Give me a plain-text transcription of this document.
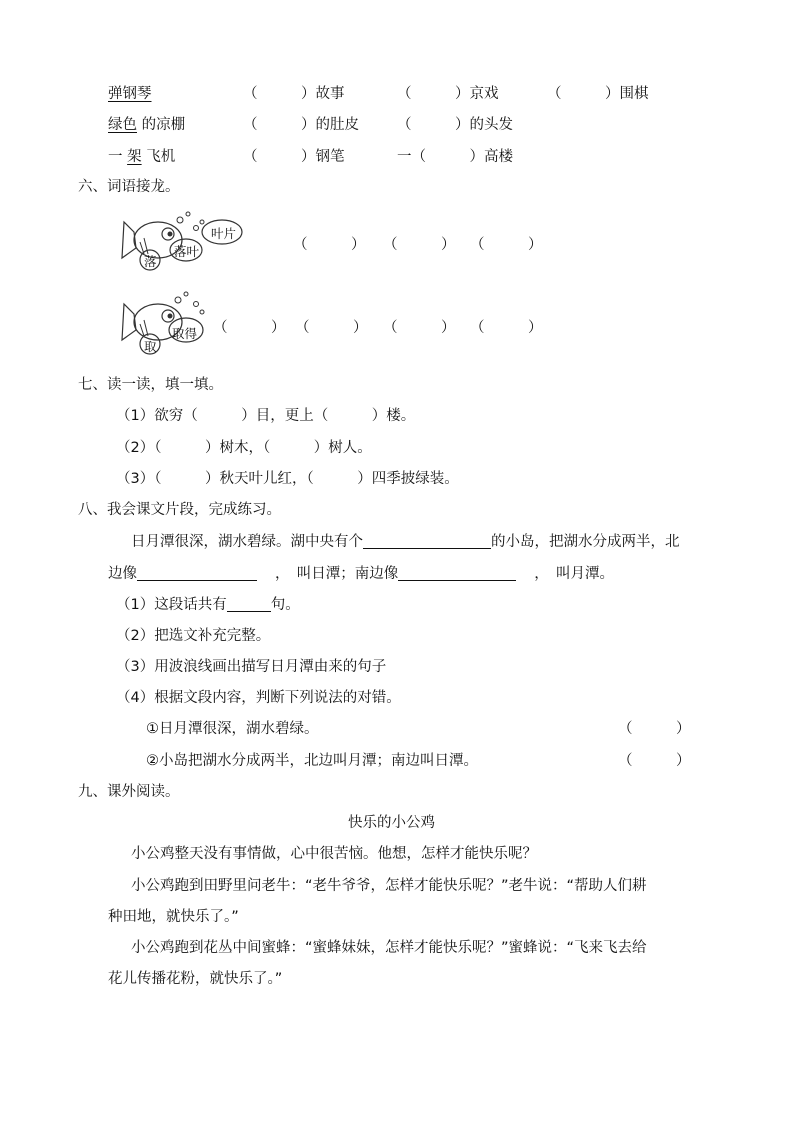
弹钢琴	（　　　）故事	（　　　）京戏	（　　　）围棋
绿色 的凉棚	（　　　）的肚皮	（　　　）的头发
一 架 飞机	（　　　）钢笔	一（　　　）高楼
六、词语接龙。
落
落叶
叶片
（　　　） （　　　） （　　　）
取
取得 （　　　） （　　　） （　　　） （　　　）
七、读一读，填一填。
（1）欲穷（　　　）目，更上（　　　）楼。
（2）（　　　）树木，（　　　）树人。
（3）（　　　）秋天叶儿红，（　　　）四季披绿装。
八、我会课文片段，完成练习。
日月潭很深，湖水碧绿。湖中央有个	的小岛，把湖水分成两半，北
边像	，　叫日潭；南边像	，　叫月潭。
（1）这段话共有	句。
（2）把选文补充完整。
（3）用波浪线画出描写日月潭由来的句子
（4）根据文段内容，判断下列说法的对错。
①日月潭很深，湖水碧绿。	（　　　）
②小岛把湖水分成两半，北边叫月潭；南边叫日潭。	（　　　）
九、课外阅读。
快乐的小公鸡
小公鸡整天没有事情做，心中很苦恼。他想，怎样才能快乐呢？
小公鸡跑到田野里问老牛：“老牛爷爷，怎样才能快乐呢？”老牛说：“帮助人们耕
种田地，就快乐了。”
小公鸡跑到花丛中间蜜蜂：“蜜蜂妹妹，怎样才能快乐呢？”蜜蜂说：“飞来飞去给
花儿传播花粉，就快乐了。”
